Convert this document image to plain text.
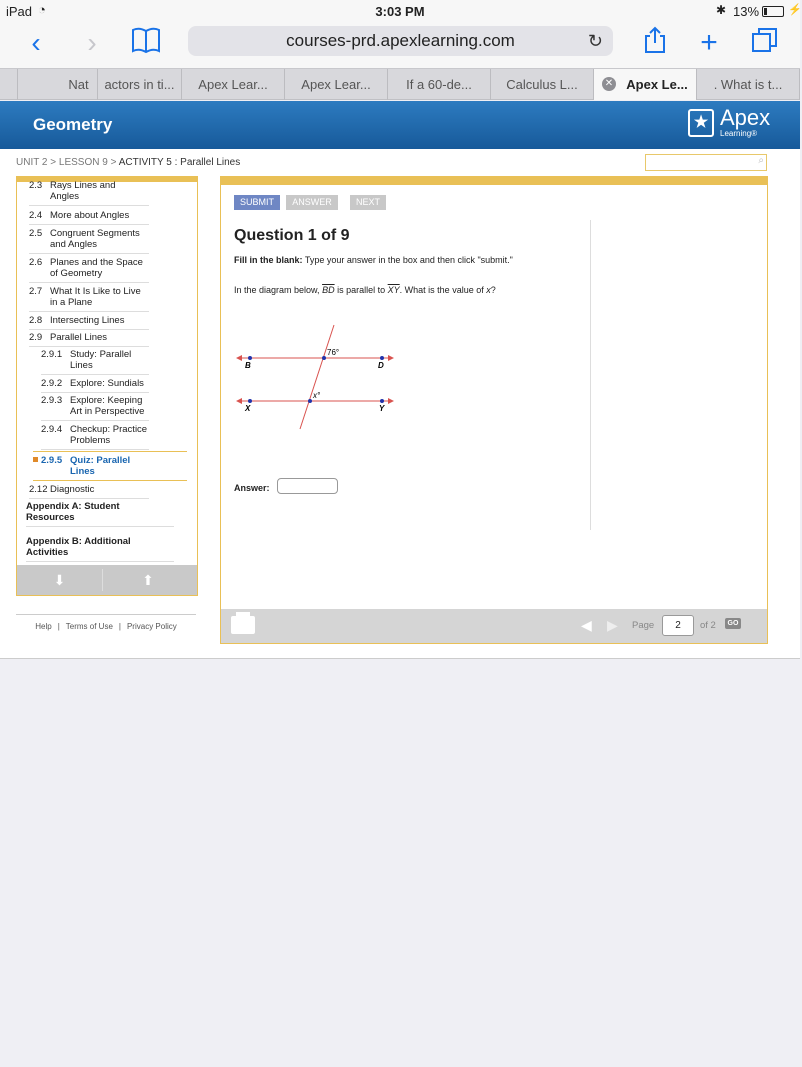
iPad ◔	3:03 PM	✱ 13%	⚡
‹ ›	courses-prd.apexlearning.com	↻	+
Nat	actors in ti...	Apex Lear...	Apex Lear...	If a 60-de...	Calculus L...	✕ Apex Le...	. What is t...
Geometry	★ Apex
Learning®
UNIT 2 > LESSON 9 > ACTIVITY 5 : Parallel Lines	⌕
2.3 Rays Lines and Angles
2.4 More about Angles
2.5 Congruent Segments and Angles
2.6 Planes and the Space of Geometry
2.7 What It Is Like to Live in a Plane
2.8 Intersecting Lines
2.9 Parallel Lines
2.9.1 Study: Parallel Lines
2.9.2 Explore: Sundials
2.9.3 Explore: Keeping Art in Perspective
2.9.4 Checkup: Practice Problems
2.9.5 Quiz: Parallel Lines
2.12 Diagnostic
Appendix A: Student Resources
Appendix B: Additional Activities
⬇	⬆
Help | Terms of Use | Privacy Policy
SUBMIT	ANSWER	NEXT
Question 1 of 9
Fill in the blank: Type your answer in the box and then click "submit."
In the diagram below, $\overline{BD}$ is parallel to $\overline{XY}$. What is the value of x?
B	D
X	Y
76°
x°
Answer:
◀ ▶ Page	2	of 2	GO
